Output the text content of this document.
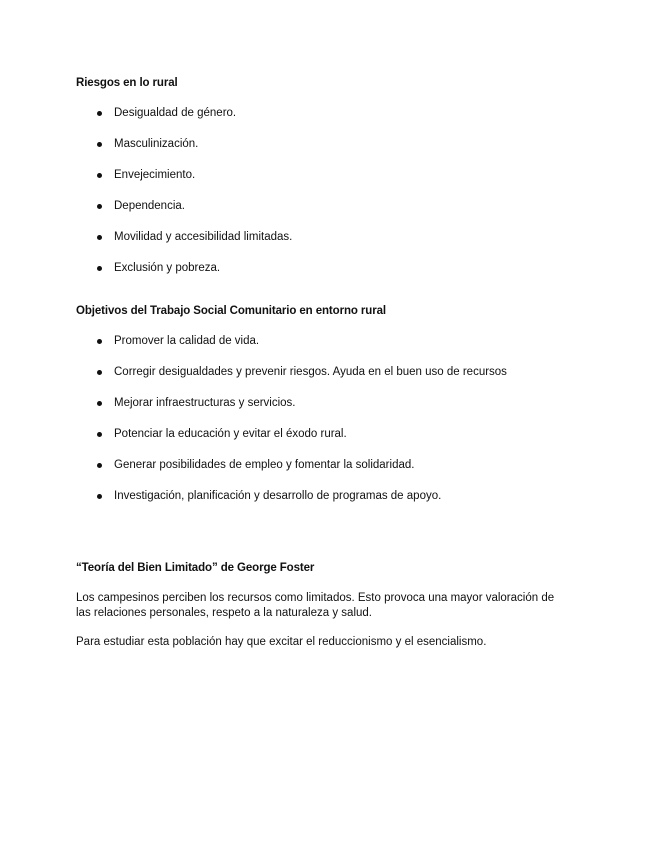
Riesgos en lo rural
Desigualdad de género.
Masculinización.
Envejecimiento.
Dependencia.
Movilidad y accesibilidad limitadas.
Exclusión y pobreza.
Objetivos del Trabajo Social Comunitario en entorno rural
Promover la calidad de vida.
Corregir desigualdades y prevenir riesgos. Ayuda en el buen uso de recursos
Mejorar infraestructuras y servicios.
Potenciar la educación y evitar el éxodo rural.
Generar posibilidades de empleo y fomentar la solidaridad.
Investigación, planificación y desarrollo de programas de apoyo.
“Teoría del Bien Limitado” de George Foster

Los campesinos perciben los recursos como limitados. Esto provoca una mayor valoración de
las relaciones personales, respeto a la naturaleza y salud.

Para estudiar esta población hay que excitar el reduccionismo y el esencialismo.
